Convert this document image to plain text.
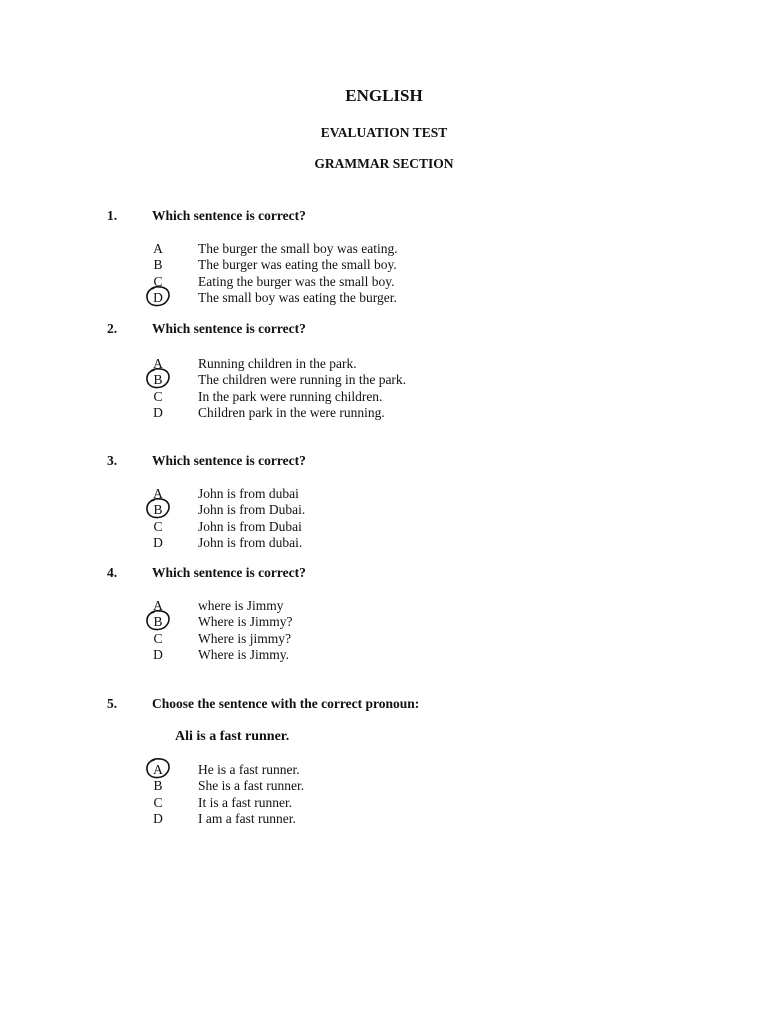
ENGLISH
EVALUATION TEST
GRAMMAR SECTION
1.	Which sentence is correct?
A	The burger the small boy was eating.
B	The burger was eating the small boy.
C	Eating the burger was the small boy.
D	The small boy was eating the burger.
2.	Which sentence is correct?
A	Running children in the park.
B	The children were running in the park.
C	In the park were running children.
D	Children park in the were running.
3.	Which sentence is correct?
A	John is from dubai
B	John is from Dubai.
C	John is from Dubai
D	John is from dubai.
4.	Which sentence is correct?
A	where is Jimmy
B	Where is Jimmy?
C	Where is jimmy?
D	Where is Jimmy.
5.	Choose the sentence with the correct pronoun:
Ali is a fast runner.
A	He is a fast runner.
B	She is a fast runner.
C	It is a fast runner.
D	I am a fast runner.
